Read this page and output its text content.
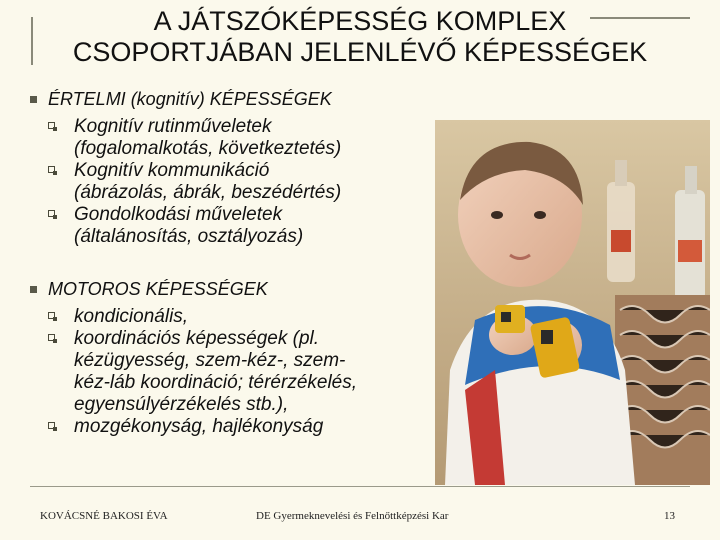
A JÁTSZÓKÉPESSÉG KOMPLEX
CSOPORTJÁBAN JELENLÉVŐ KÉPESSÉGEK
ÉRTELMI (kognitív) KÉPESSÉGEK
Kognitív rutinműveletek
(fogalomalkotás, következtetés)
Kognitív kommunikáció
(ábrázolás, ábrák, beszédértés)
Gondolkodási műveletek
(általánosítás, osztályozás)
MOTOROS KÉPESSÉGEK
kondicionális,
koordinációs képességek (pl.
kézügyesség, szem-kéz-, szem-
kéz-láb koordináció; térérzékelés,
egyensúlyérzékelés stb.),
mozgékonyság, hajlékonyság
KOVÁCSNÉ BAKOSI ÉVA	DE Gyermeknevelési és Felnőttképzési Kar	13
